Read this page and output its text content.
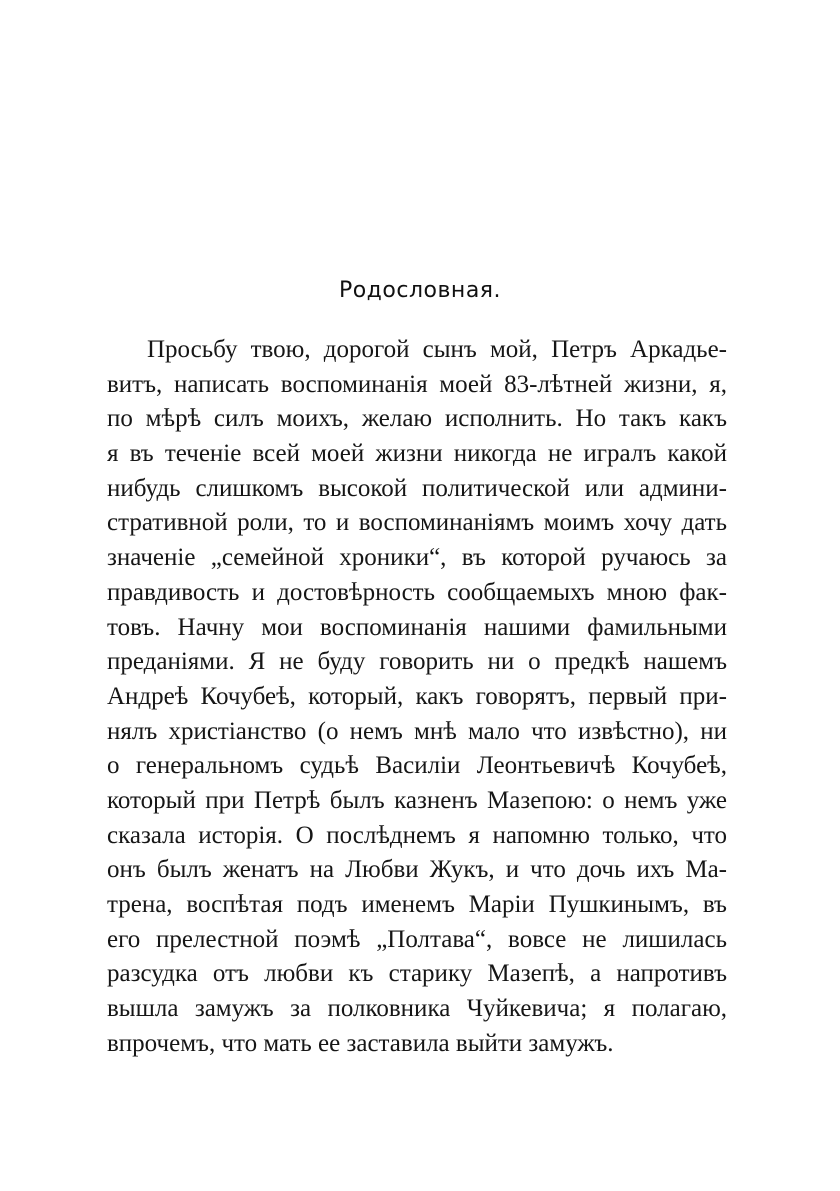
Родословная.
Просьбу твою, дорогой сынъ мой, Петръ Аркадье-
витъ, написать воспоминанія моей 83-лѣтней жизни, я,
по мѣрѣ силъ моихъ, желаю исполнить. Но такъ какъ
я въ теченіе всей моей жизни никогда не игралъ какой
нибудь слишкомъ высокой политической или админи-
стративной роли, то и воспоминаніямъ моимъ хочу дать
значеніе „семейной хроники“, въ которой ручаюсь за
правдивость и достовѣрность сообщаемыхъ мною фак-
товъ. Начну мои воспоминанія нашими фамильными
преданіями. Я не буду говорить ни о предкѣ нашемъ
Андреѣ Кочубеѣ, который, какъ говорятъ, первый при-
нялъ христіанство (о немъ мнѣ мало что извѣстно), ни
о генеральномъ судьѣ Василіи Леонтьевичѣ Кочубеѣ,
который при Петрѣ былъ казненъ Мазепою: о немъ уже
сказала исторія. О послѣднемъ я напомню только, что
онъ былъ женатъ на Любви Жукъ, и что дочь ихъ Ма-
трена, воспѣтая подъ именемъ Маріи Пушкинымъ, въ
его прелестной поэмѣ „Полтава“, вовсе не лишилась
разсудка отъ любви къ старику Мазепѣ, а напротивъ
вышла замужъ за полковника Чуйкевича; я полагаю,
впрочемъ, что мать ее заставила выйти замужъ.
